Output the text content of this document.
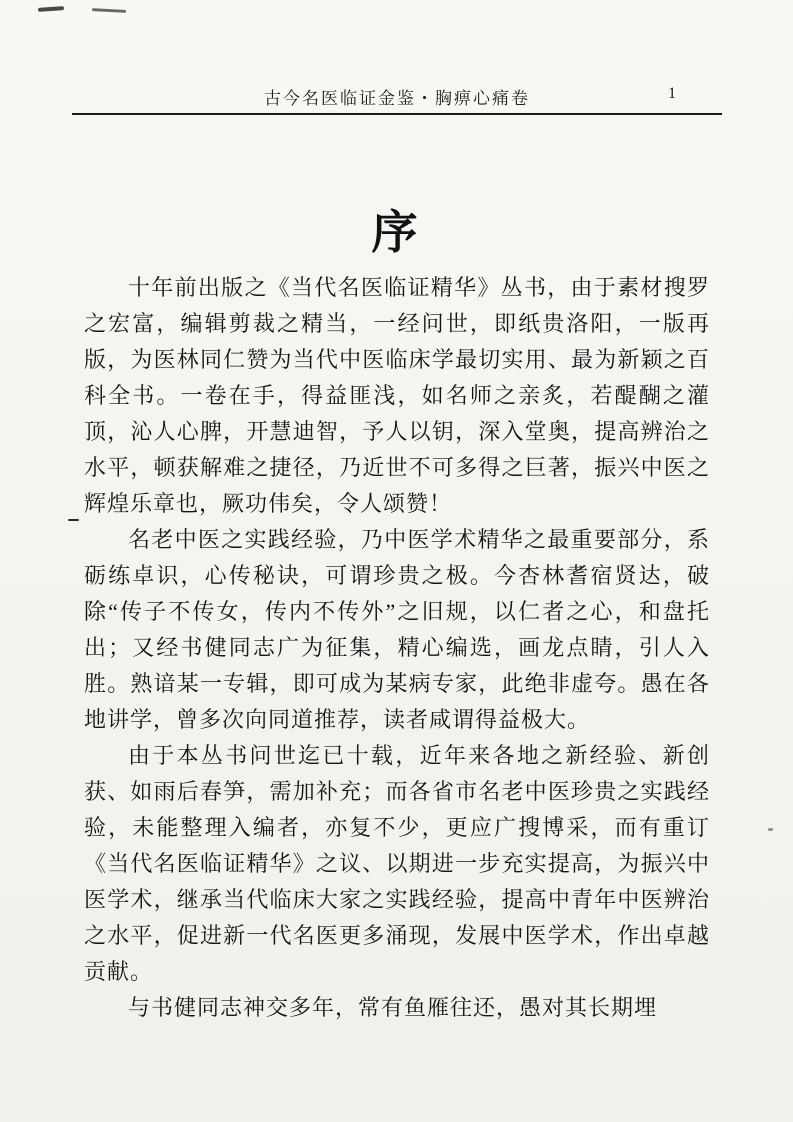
古今名医临证金鉴・胸痹心痛卷	1
序

十年前出版之《当代名医临证精华》丛书，由于素材搜罗之宏富，编辑剪裁之精当，一经问世，即纸贵洛阳，一版再版，为医林同仁赞为当代中医临床学最切实用、最为新颖之百科全书。一卷在手，得益匪浅，如名师之亲炙，若醍醐之灌顶，沁人心脾，开慧迪智，予人以钥，深入堂奥，提高辨治之水平，顿获解难之捷径，乃近世不可多得之巨著，振兴中医之辉煌乐章也，厥功伟矣，令人颂赞！

名老中医之实践经验，乃中医学术精华之最重要部分，系砺练卓识，心传秘诀，可谓珍贵之极。今杏林耆宿贤达，破除“传子不传女，传内不传外”之旧规，以仁者之心，和盘托出；又经书健同志广为征集，精心编选，画龙点睛，引人入胜。熟谙某一专辑，即可成为某病专家，此绝非虚夸。愚在各地讲学，曾多次向同道推荐，读者咸谓得益极大。

由于本丛书问世迄已十载，近年来各地之新经验、新创获、如雨后春笋，需加补充；而各省市名老中医珍贵之实践经验，未能整理入编者，亦复不少，更应广搜博采，而有重订《当代名医临证精华》之议、以期进一步充实提高，为振兴中医学术，继承当代临床大家之实践经验，提高中青年中医辨治之水平，促进新一代名医更多涌现，发展中医学术，作出卓越贡献。

与书健同志神交多年，常有鱼雁往还，愚对其长期埋
